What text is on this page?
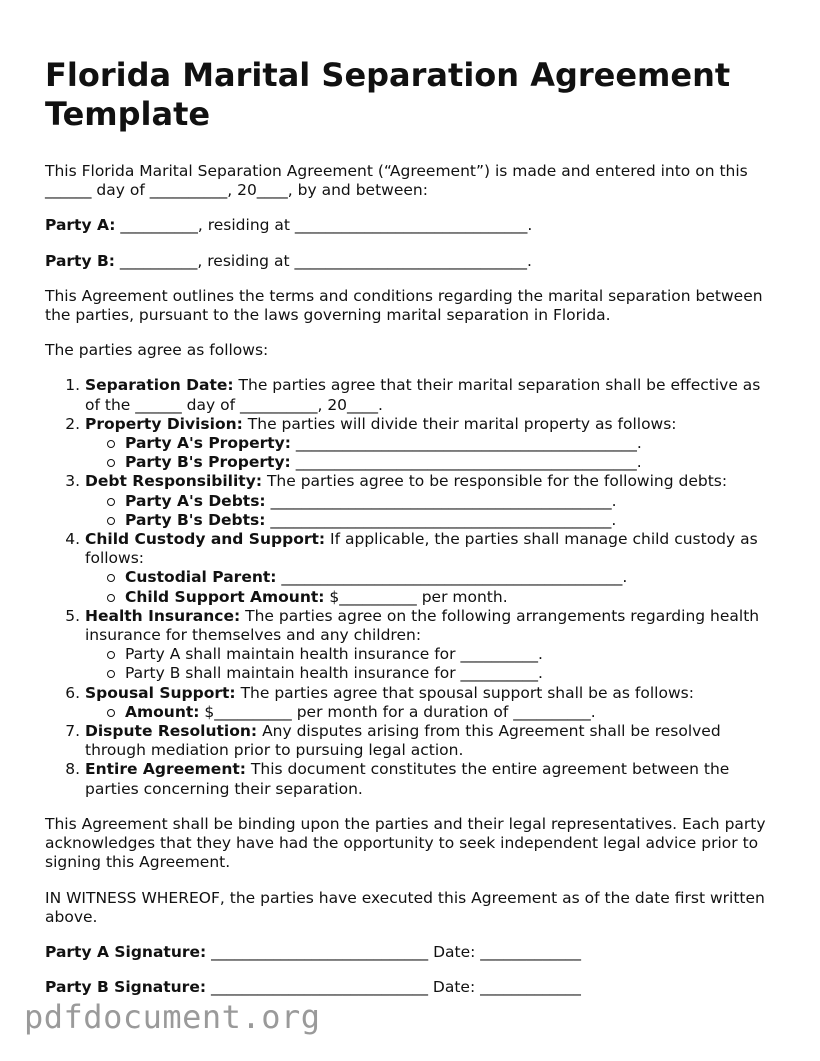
Florida Marital Separation Agreement Template

This Florida Marital Separation Agreement (“Agreement”) is made and entered into on this ______ day of __________, 20____, by and between:

Party A: __________, residing at ______________________________.

Party B: __________, residing at ______________________________.

This Agreement outlines the terms and conditions regarding the marital separation between the parties, pursuant to the laws governing marital separation in Florida.

The parties agree as follows:

1. Separation Date: The parties agree that their marital separation shall be effective as of the ______ day of __________, 20____.
2. Property Division: The parties will divide their marital property as follows:
Party A's Property: ____________________________________________.
Party B's Property: ____________________________________________.
3. Debt Responsibility: The parties agree to be responsible for the following debts:
Party A's Debts: ____________________________________________.
Party B's Debts: ____________________________________________.
4. Child Custody and Support: If applicable, the parties shall manage child custody as follows:
Custodial Parent: ____________________________________________.
Child Support Amount: $__________ per month.
5. Health Insurance: The parties agree on the following arrangements regarding health insurance for themselves and any children:
Party A shall maintain health insurance for __________.
Party B shall maintain health insurance for __________.
6. Spousal Support: The parties agree that spousal support shall be as follows:
Amount: $__________ per month for a duration of __________.
7. Dispute Resolution: Any disputes arising from this Agreement shall be resolved through mediation prior to pursuing legal action.
8. Entire Agreement: This document constitutes the entire agreement between the parties concerning their separation.

This Agreement shall be binding upon the parties and their legal representatives. Each party acknowledges that they have had the opportunity to seek independent legal advice prior to signing this Agreement.

IN WITNESS WHEREOF, the parties have executed this Agreement as of the date first written above.

Party A Signature: ____________________________ Date: _____________

Party B Signature: ____________________________ Date: _____________

pdfdocument.org
